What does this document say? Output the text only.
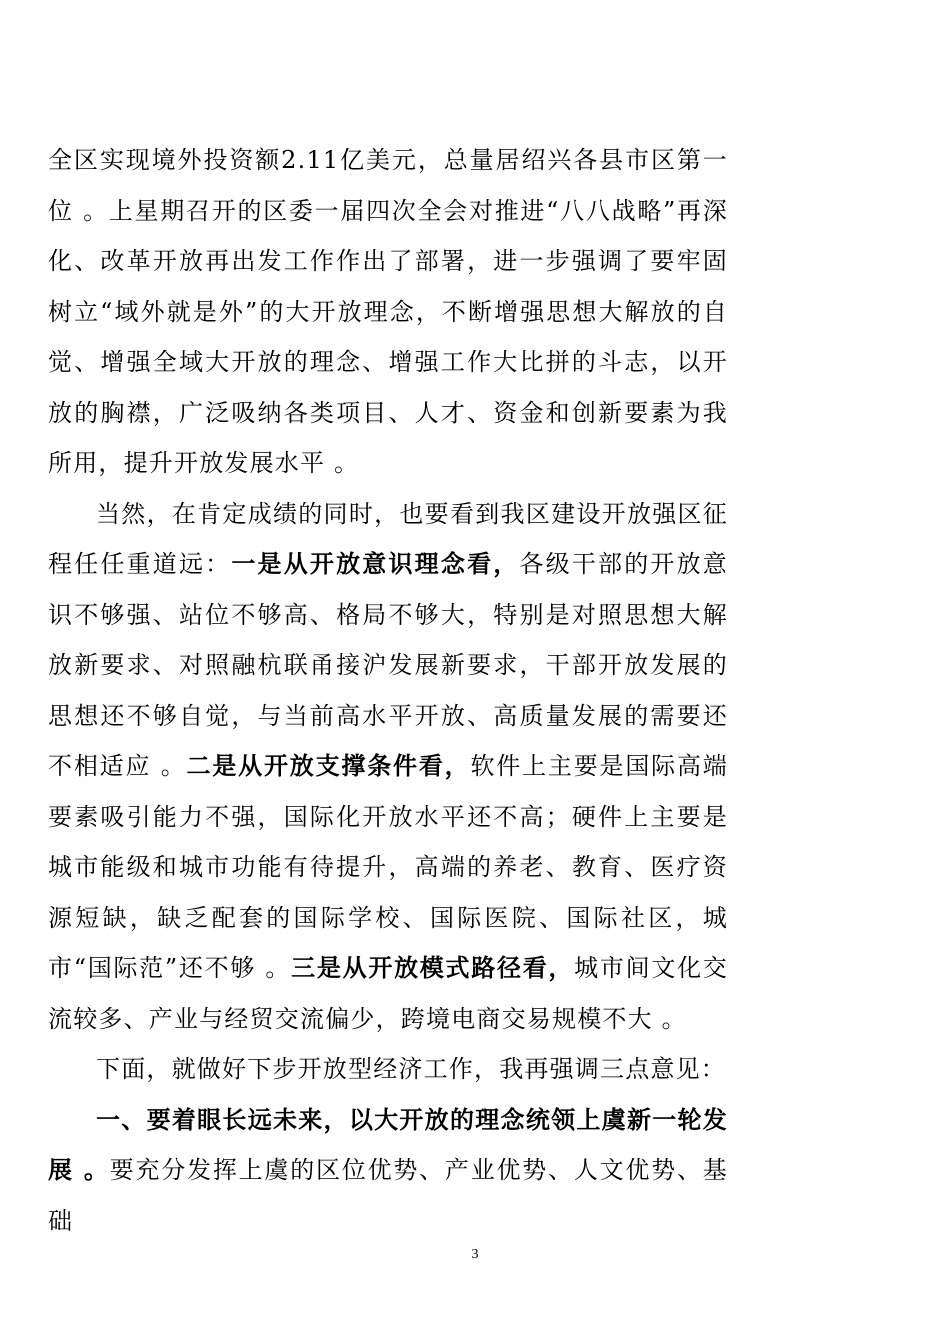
全区实现境外投资额2.11亿美元，总量居绍兴各县市区第一位 。上星期召开的区委一届四次全会对推进“八八战略”再深化、改革开放再出发工作作出了部署，进一步强调了要牢固树立“域外就是外”的大开放理念，不断增强思想大解放的自觉、增强全域大开放的理念、增强工作大比拼的斗志，以开放的胸襟，广泛吸纳各类项目、人才、资金和创新要素为我所用，提升开放发展水平 。

当然，在肯定成绩的同时，也要看到我区建设开放强区征程任任重道远：一是从开放意识理念看，各级干部的开放意识不够强、站位不够高、格局不够大，特别是对照思想大解放新要求、对照融杭联甬接沪发展新要求，干部开放发展的思想还不够自觉，与当前高水平开放、高质量发展的需要还不相适应 。二是从开放支撑条件看，软件上主要是国际高端要素吸引能力不强，国际化开放水平还不高；硬件上主要是城市能级和城市功能有待提升，高端的养老、教育、医疗资源短缺，缺乏配套的国际学校、国际医院、国际社区，城市“国际范”还不够 。三是从开放模式路径看，城市间文化交流较多、产业与经贸交流偏少，跨境电商交易规模不大 。

下面，就做好下步开放型经济工作，我再强调三点意见：

一、要着眼长远未来，以大开放的理念统领上虞新一轮发展 。要充分发挥上虞的区位优势、产业优势、人文优势、基础

3
